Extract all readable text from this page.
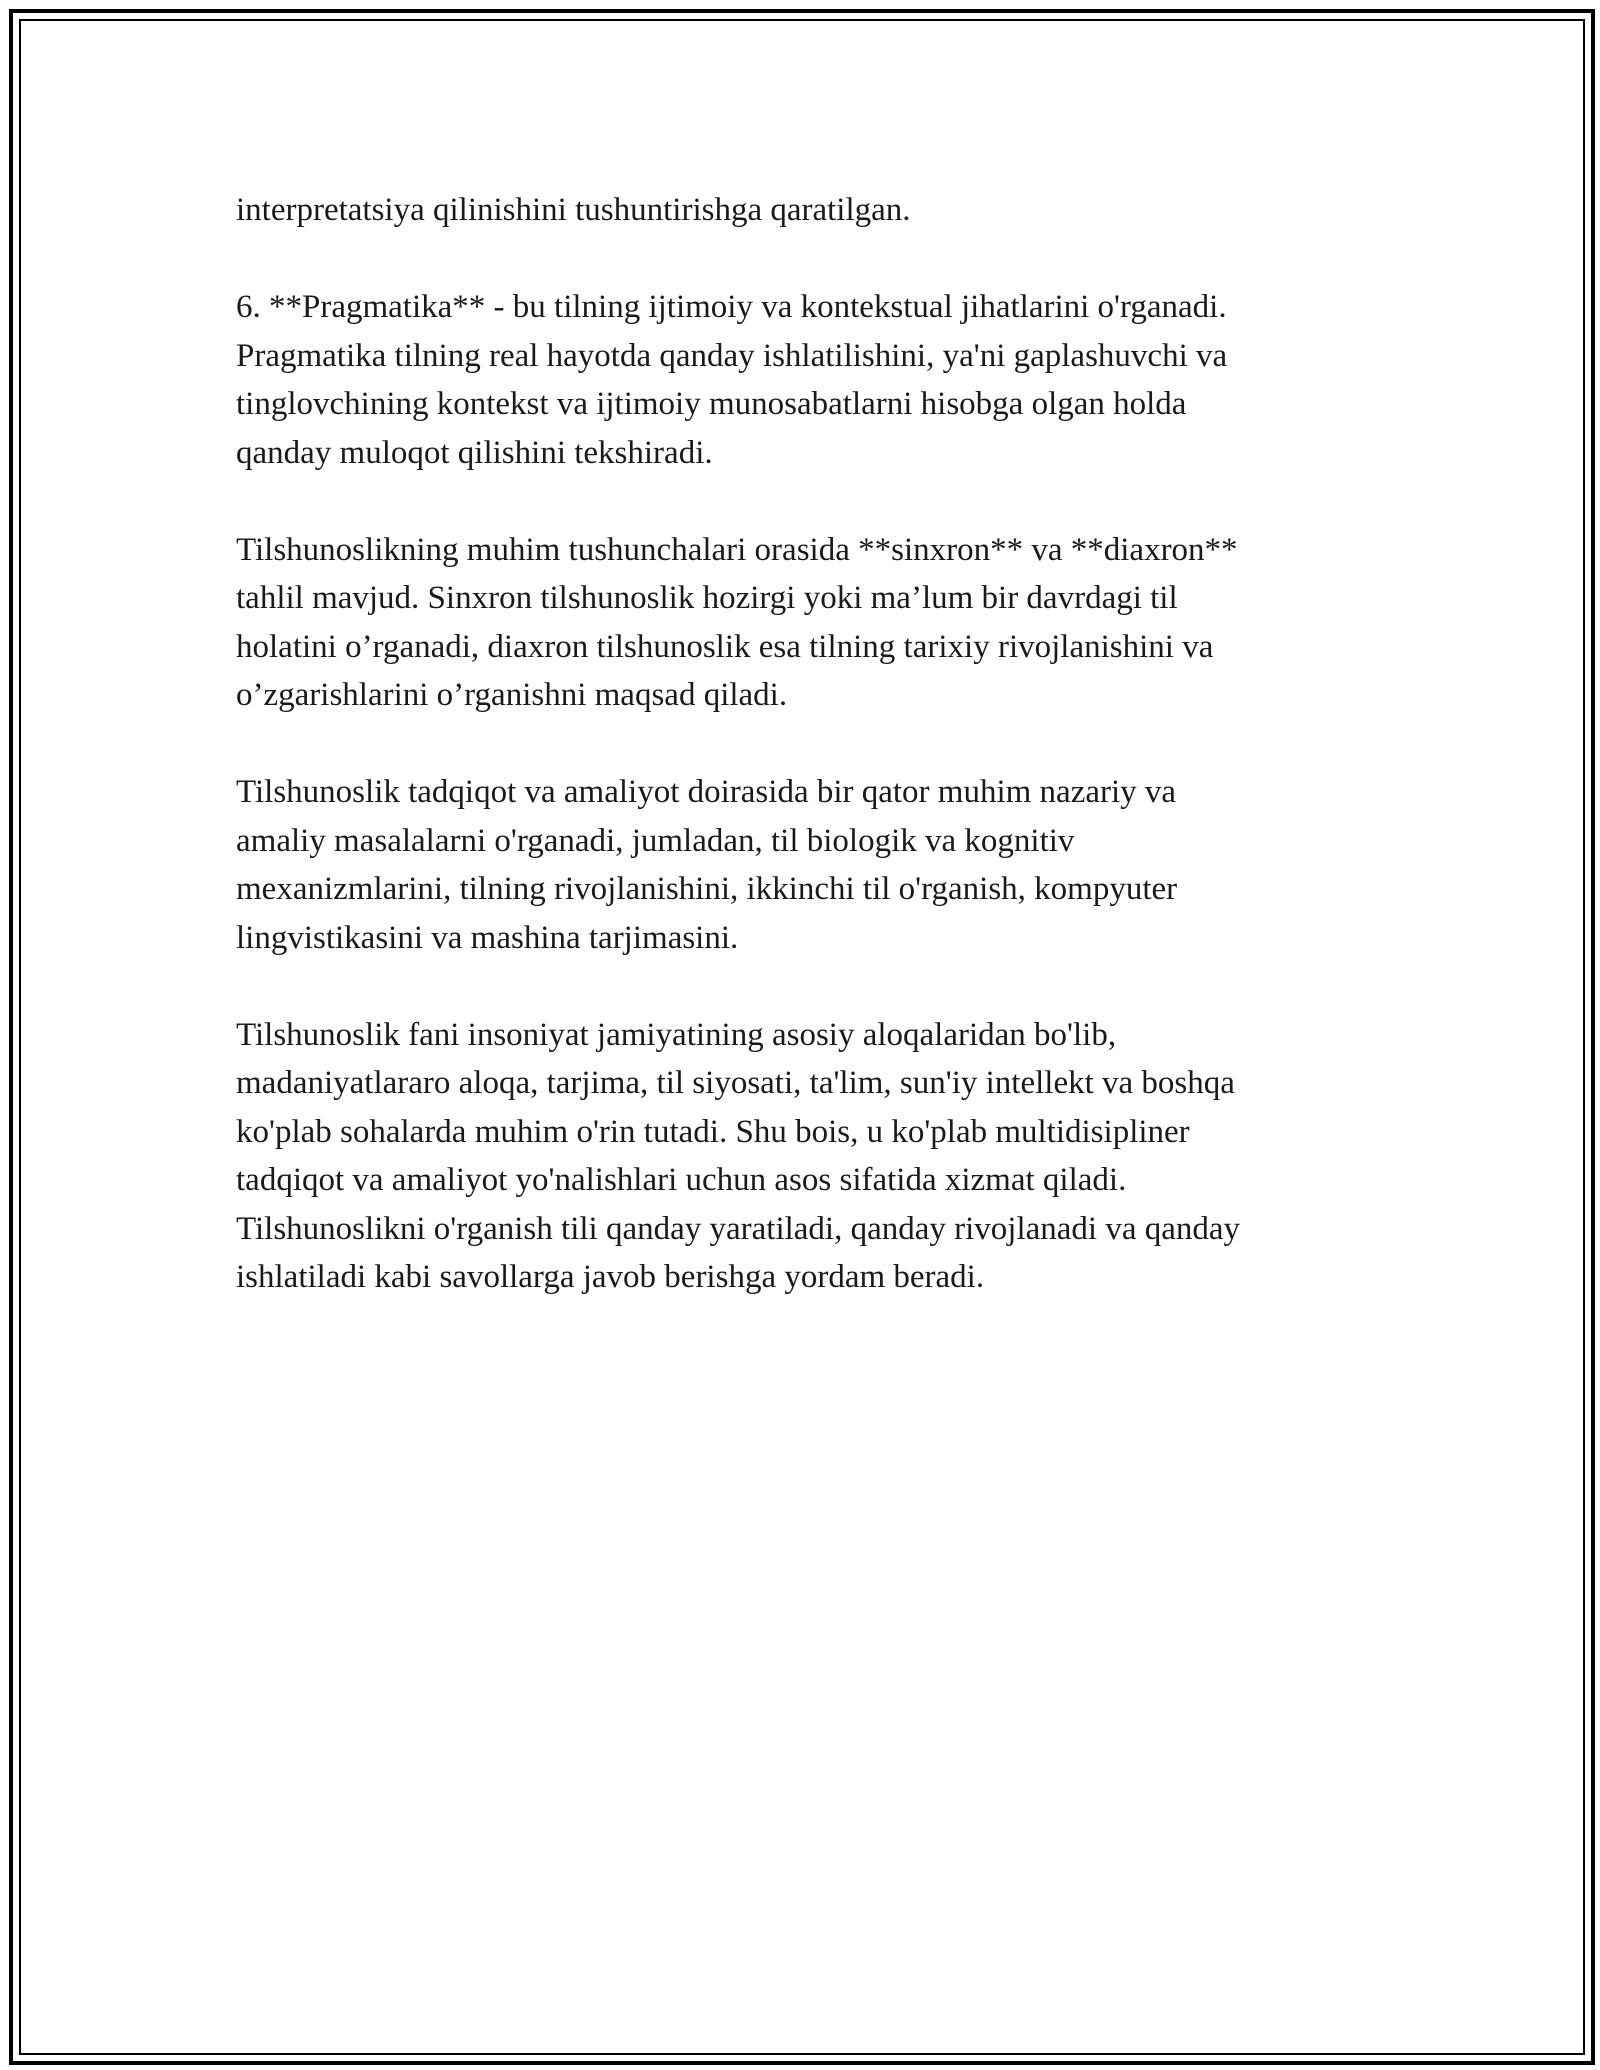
interpretatsiya qilinishini tushuntirishga qaratilgan.

6. **Pragmatika** - bu tilning ijtimoiy va kontekstual jihatlarini o'rganadi.
Pragmatika tilning real hayotda qanday ishlatilishini, ya'ni gaplashuvchi va
tinglovchining kontekst va ijtimoiy munosabatlarni hisobga olgan holda
qanday muloqot qilishini tekshiradi.

Tilshunoslikning muhim tushunchalari orasida **sinxron** va **diaxron**
tahlil mavjud. Sinxron tilshunoslik hozirgi yoki ma’lum bir davrdagi til
holatini o’rganadi, diaxron tilshunoslik esa tilning tarixiy rivojlanishini va
o’zgarishlarini o’rganishni maqsad qiladi.

Tilshunoslik tadqiqot va amaliyot doirasida bir qator muhim nazariy va
amaliy masalalarni o'rganadi, jumladan, til biologik va kognitiv
mexanizmlarini, tilning rivojlanishini, ikkinchi til o'rganish, kompyuter
lingvistikasini va mashina tarjimasini.

Tilshunoslik fani insoniyat jamiyatining asosiy aloqalaridan bo'lib,
madaniyatlararo aloqa, tarjima, til siyosati, ta'lim, sun'iy intellekt va boshqa
ko'plab sohalarda muhim o'rin tutadi. Shu bois, u ko'plab multidisipliner
tadqiqot va amaliyot yo'nalishlari uchun asos sifatida xizmat qiladi.
Tilshunoslikni o'rganish tili qanday yaratiladi, qanday rivojlanadi va qanday
ishlatiladi kabi savollarga javob berishga yordam beradi.
